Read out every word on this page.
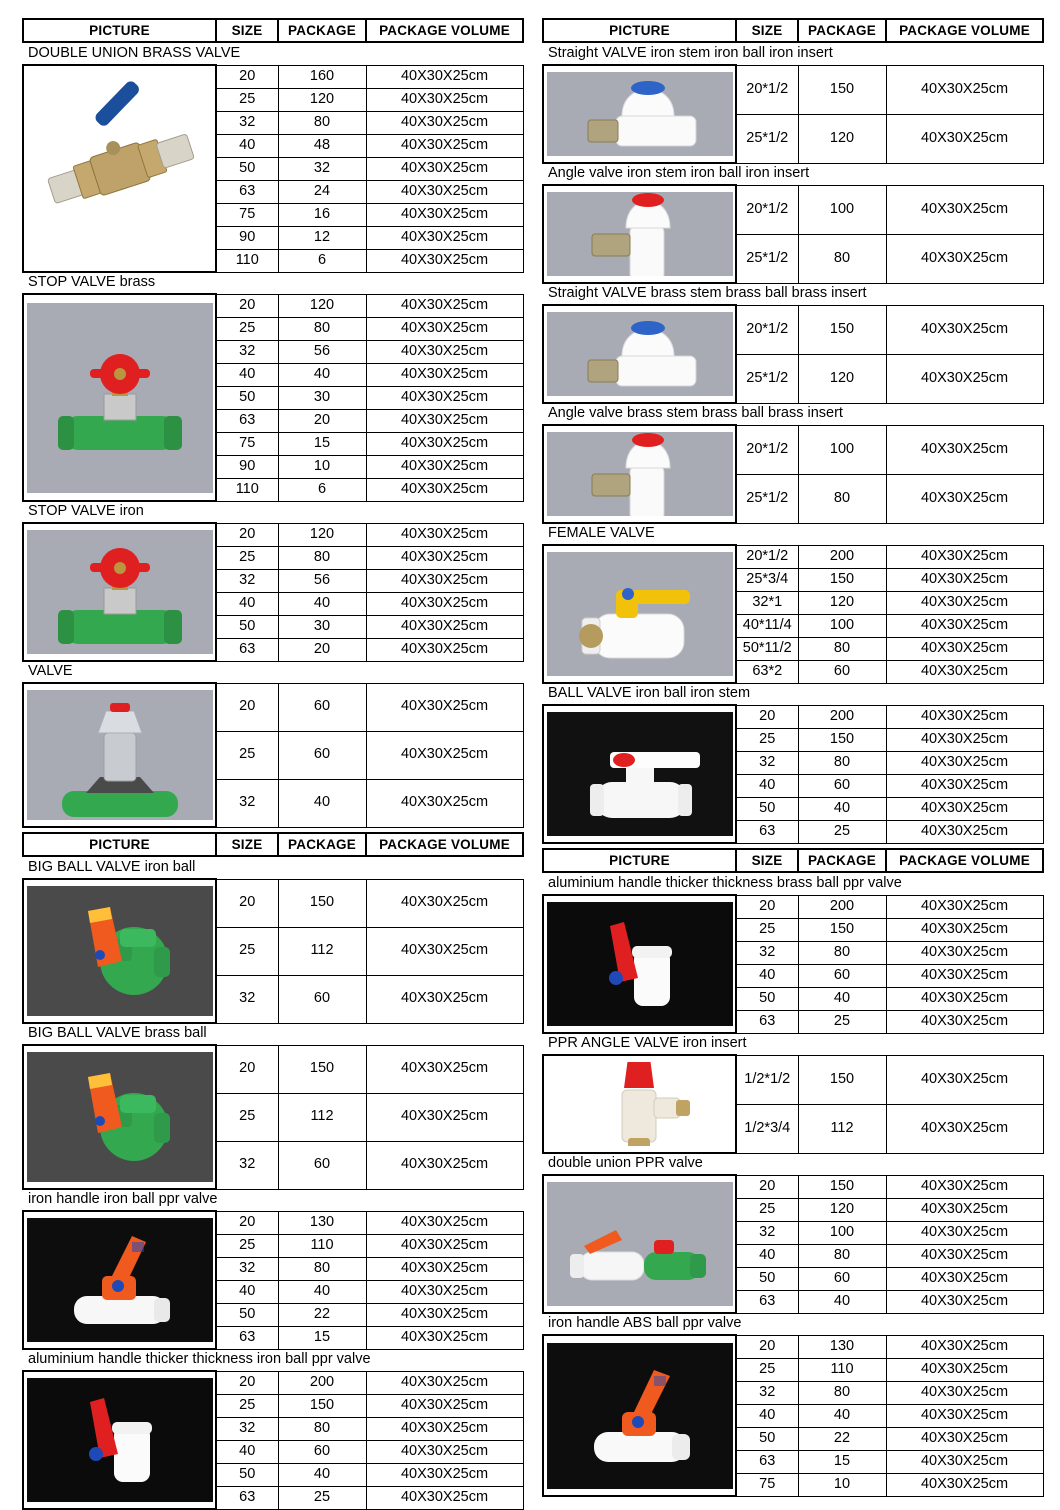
PICTURE	SIZE	PACKAGE	PACKAGE VOLUME
DOUBLE UNION BRASS VALVE
	20	160	40X30X25cm
	25	120	40X30X25cm
	32	80	40X30X25cm
	40	48	40X30X25cm
	50	32	40X30X25cm
	63	24	40X30X25cm
	75	16	40X30X25cm
	90	12	40X30X25cm
	110	6	40X30X25cm
STOP VALVE brass
	20	120	40X30X25cm
	25	80	40X30X25cm
	32	56	40X30X25cm
	40	40	40X30X25cm
	50	30	40X30X25cm
	63	20	40X30X25cm
	75	15	40X30X25cm
	90	10	40X30X25cm
	110	6	40X30X25cm
STOP VALVE iron
	20	120	40X30X25cm
	25	80	40X30X25cm
	32	56	40X30X25cm
	40	40	40X30X25cm
	50	30	40X30X25cm
	63	20	40X30X25cm
VALVE
	20	60	40X30X25cm
	25	60	40X30X25cm
	32	40	40X30X25cm
PICTURE	SIZE	PACKAGE	PACKAGE VOLUME
BIG BALL VALVE iron ball
	20	150	40X30X25cm
	25	112	40X30X25cm
	32	60	40X30X25cm
BIG BALL VALVE brass ball
	20	150	40X30X25cm
	25	112	40X30X25cm
	32	60	40X30X25cm
iron handle iron ball ppr valve
	20	130	40X30X25cm
	25	110	40X30X25cm
	32	80	40X30X25cm
	40	40	40X30X25cm
	50	22	40X30X25cm
	63	15	40X30X25cm
aluminium handle thicker thickness iron ball ppr valve
	20	200	40X30X25cm
	25	150	40X30X25cm
	32	80	40X30X25cm
	40	60	40X30X25cm
	50	40	40X30X25cm
	63	25	40X30X25cm
PICTURE	SIZE	PACKAGE	PACKAGE VOLUME
Straight VALVE iron stem iron ball iron insert
	20*1/2	150	40X30X25cm
	25*1/2	120	40X30X25cm
Angle valve iron stem iron ball iron insert
	20*1/2	100	40X30X25cm
	25*1/2	80	40X30X25cm
Straight VALVE brass stem brass ball brass insert
	20*1/2	150	40X30X25cm
	25*1/2	120	40X30X25cm
Angle valve brass stem brass ball brass insert
	20*1/2	100	40X30X25cm
	25*1/2	80	40X30X25cm
FEMALE VALVE
	20*1/2	200	40X30X25cm
	25*3/4	150	40X30X25cm
	32*1	120	40X30X25cm
	40*11/4	100	40X30X25cm
	50*11/2	80	40X30X25cm
	63*2	60	40X30X25cm
BALL VALVE iron ball iron stem
	20	200	40X30X25cm
	25	150	40X30X25cm
	32	80	40X30X25cm
	40	60	40X30X25cm
	50	40	40X30X25cm
	63	25	40X30X25cm
PICTURE	SIZE	PACKAGE	PACKAGE VOLUME
aluminium handle thicker thickness brass ball ppr valve
	20	200	40X30X25cm
	25	150	40X30X25cm
	32	80	40X30X25cm
	40	60	40X30X25cm
	50	40	40X30X25cm
	63	25	40X30X25cm
PPR ANGLE VALVE iron insert
	1/2*1/2	150	40X30X25cm
	1/2*3/4	112	40X30X25cm
double union PPR valve
	20	150	40X30X25cm
	25	120	40X30X25cm
	32	100	40X30X25cm
	40	80	40X30X25cm
	50	60	40X30X25cm
	63	40	40X30X25cm
iron handle ABS ball ppr valve
	20	130	40X30X25cm
	25	110	40X30X25cm
	32	80	40X30X25cm
	40	40	40X30X25cm
	50	22	40X30X25cm
	63	15	40X30X25cm
	75	10	40X30X25cm
